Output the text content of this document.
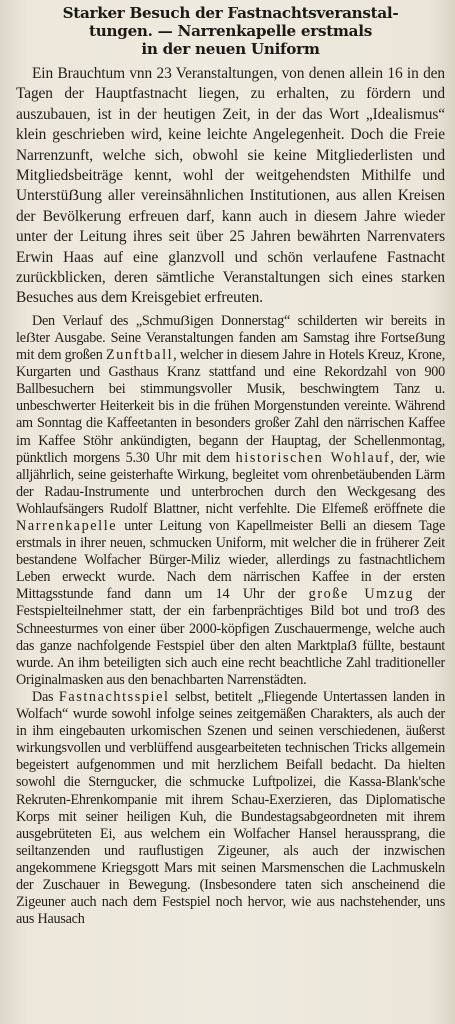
Starker Besuch der Fastnachtsveranstal-
tungen. — Narrenkapelle erstmals
in der neuen Uniform

Ein Brauchtum vnn 23 Veranstaltungen, von denen allein 16 in den Tagen der Hauptfastnacht liegen, zu erhalten, zu fördern und auszubauen, ist in der heutigen Zeit, in der das Wort „Idealismus“ klein geschrieben wird, keine leichte Angelegenheit. Doch die Freie Narrenzunft, welche sich, obwohl sie keine Mitgliederlisten und Mitgliedsbeiträge kennt, wohl der weitgehendsten Mithilfe und Unterstüẞung aller vereinsähnlichen Institutionen, aus allen Kreisen der Bevölkerung erfreuen darf, kann auch in diesem Jahre wieder unter der Leitung ihres seit über 25 Jahren bewährten Narrenvaters Erwin Haas auf eine glanzvoll und schön verlaufene Fastnacht zurückblicken, deren sämtliche Veranstaltungen sich eines starken Besuches aus dem Kreisgebiet erfreuten.

Den Verlauf des „Schmuẞigen Donnerstag“ schilderten wir bereits in leẞter Ausgabe. Seine Veranstaltungen fanden am Samstag ihre Fortseẞung mit dem großen Zunftball, welcher in diesem Jahre in Hotels Kreuz, Krone, Kurgarten und Gasthaus Kranz stattfand und eine Rekordzahl von 900 Ballbesuchern bei stimmungsvoller Musik, beschwingtem Tanz u. unbeschwerter Heiterkeit bis in die frühen Morgenstunden vereinte. Während am Sonntag die Kaffeetanten in besonders großer Zahl den närrischen Kaffee im Kaffee Stöhr ankündigten, begann der Hauptag, der Schellenmontag, pünktlich morgens 5.30 Uhr mit dem historischen Wohlauf, der, wie alljährlich, seine geisterhafte Wirkung, begleitet vom ohrenbetäubenden Lärm der Radau-Instrumente und unterbrochen durch den Weckgesang des Wohlaufsängers Rudolf Blattner, nicht verfehlte. Die Elfemeß eröffnete die Narrenkapelle unter Leitung von Kapellmeister Belli an diesem Tage erstmals in ihrer neuen, schmucken Uniform, mit welcher die in früherer Zeit bestandene Wolfacher Bürger-Miliz wieder, allerdings zu fastnachtlichem Leben erweckt wurde. Nach dem närrischen Kaffee in der ersten Mittagsstunde fand dann um 14 Uhr der große Umzug der Festspielteilnehmer statt, der ein farbenprächtiges Bild bot und troẞ des Schneesturmes von einer über 2000-köpfigen Zuschauermenge, welche auch das ganze nachfolgende Festspiel über den alten Marktplaẞ füllte, bestaunt wurde. An ihm beteiligten sich auch eine recht beachtliche Zahl traditioneller Originalmasken aus den benachbarten Narrenstädten.

Das Fastnachtsspiel selbst, betitelt „Fliegende Untertassen landen in Wolfach“ wurde sowohl infolge seines zeitgemäßen Charakters, als auch der in ihm eingebauten urkomischen Szenen und seinen verschiedenen, äußerst wirkungsvollen und verblüffend ausgearbeiteten technischen Tricks allgemein begeistert aufgenommen und mit herzlichem Beifall bedacht. Da hielten sowohl die Sterngucker, die schmucke Luftpolizei, die Kassa-Blank'sche Rekruten-Ehrenkompanie mit ihrem Schau-Exerzieren, das Diplomatische Korps mit seiner heiligen Kuh, die Bundestagsabgeordneten mit ihrem ausgebrüteten Ei, aus welchem ein Wolfacher Hansel heraussprang, die seiltanzenden und rauflustigen Zigeuner, als auch der inzwischen angekommene Kriegsgott Mars mit seinen Marsmenschen die Lachmuskeln der Zuschauer in Bewegung. (Insbesondere taten sich anscheinend die Zigeuner auch nach dem Festspiel noch hervor, wie aus nachstehender, uns aus Hausach
